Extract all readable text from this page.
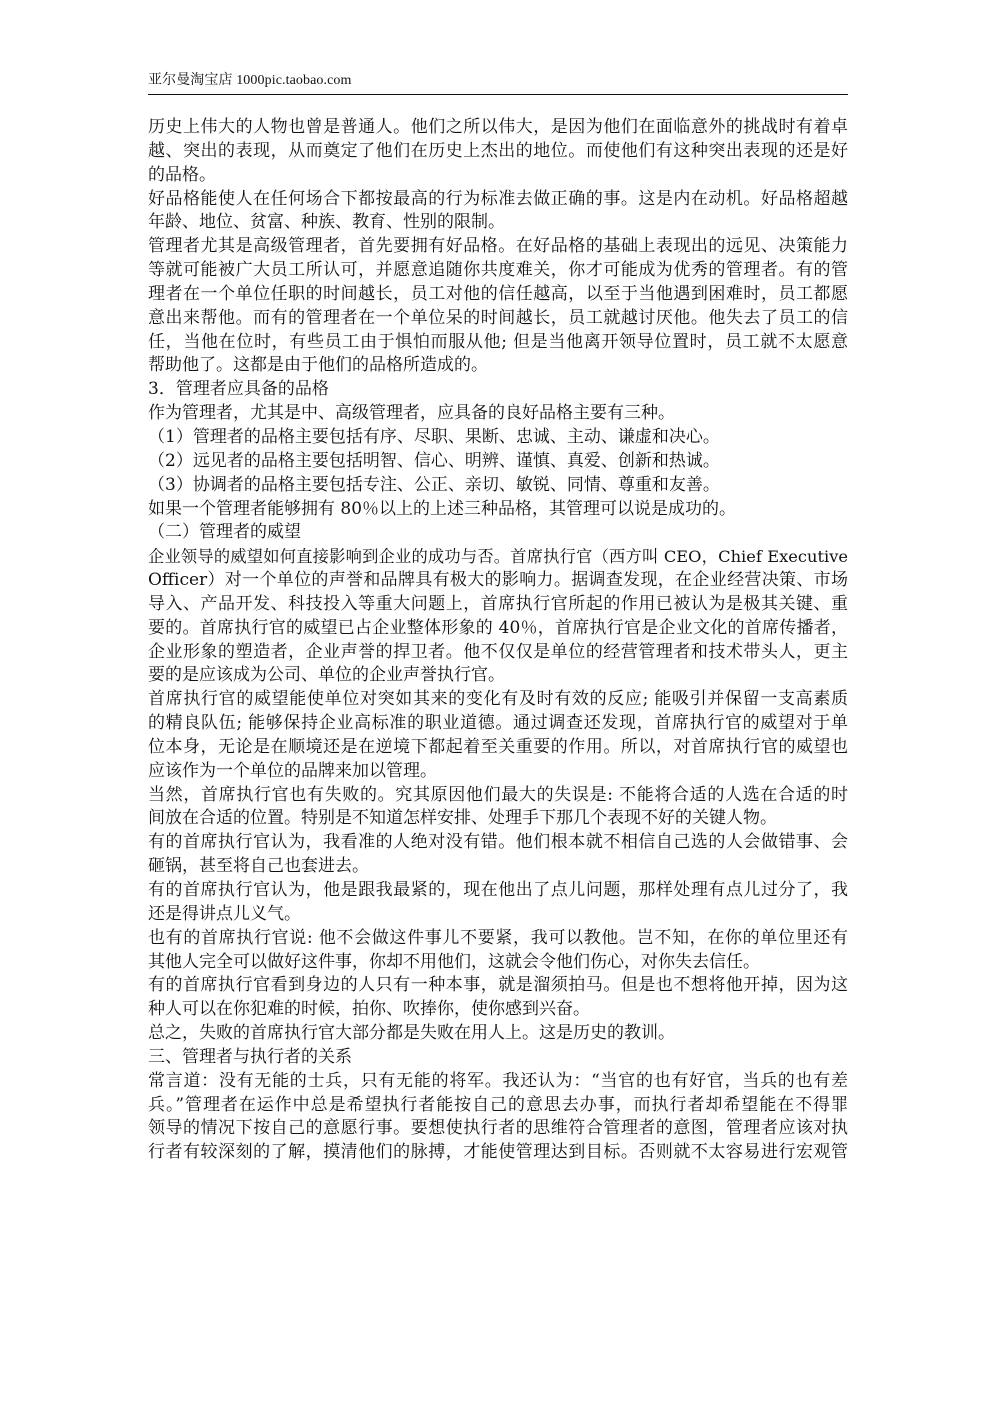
亚尔曼淘宝店 1000pic.taobao.com
历史上伟大的人物也曾是普通人。他们之所以伟大，是因为他们在面临意外的挑战时有着卓
越、突出的表现，从而奠定了他们在历史上杰出的地位。而使他们有这种突出表现的还是好
的品格。
好品格能使人在任何场合下都按最高的行为标准去做正确的事。这是内在动机。好品格超越
年龄、地位、贫富、种族、教育、性别的限制。
管理者尤其是高级管理者，首先要拥有好品格。在好品格的基础上表现出的远见、决策能力
等就可能被广大员工所认可，并愿意追随你共度难关，你才可能成为优秀的管理者。有的管
理者在一个单位任职的时间越长，员工对他的信任越高，以至于当他遇到困难时，员工都愿
意出来帮他。而有的管理者在一个单位呆的时间越长，员工就越讨厌他。他失去了员工的信
任，当他在位时，有些员工由于惧怕而服从他; 但是当他离开领导位置时，员工就不太愿意
帮助他了。这都是由于他们的品格所造成的。
3．管理者应具备的品格
作为管理者，尤其是中、高级管理者，应具备的良好品格主要有三种。
（1）管理者的品格主要包括有序、尽职、果断、忠诚、主动、谦虚和决心。
（2）远见者的品格主要包括明智、信心、明辨、谨慎、真爱、创新和热诚。
（3）协调者的品格主要包括专注、公正、亲切、敏锐、同情、尊重和友善。
如果一个管理者能够拥有 80％以上的上述三种品格，其管理可以说是成功的。
（二）管理者的威望
企业领导的威望如何直接影响到企业的成功与否。首席执行官（西方叫 CEO，Chief Executive
Officer）对一个单位的声誉和品牌具有极大的影响力。据调查发现，在企业经营决策、市场
导入、产品开发、科技投入等重大问题上，首席执行官所起的作用已被认为是极其关键、重
要的。首席执行官的威望已占企业整体形象的 40％，首席执行官是企业文化的首席传播者，
企业形象的塑造者，企业声誉的捍卫者。他不仅仅是单位的经营管理者和技术带头人，更主
要的是应该成为公司、单位的企业声誉执行官。
首席执行官的威望能使单位对突如其来的变化有及时有效的反应; 能吸引并保留一支高素质
的精良队伍; 能够保持企业高标准的职业道德。通过调查还发现，首席执行官的威望对于单
位本身，无论是在顺境还是在逆境下都起着至关重要的作用。所以，对首席执行官的威望也
应该作为一个单位的品牌来加以管理。
当然，首席执行官也有失败的。究其原因他们最大的失误是: 不能将合适的人选在合适的时
间放在合适的位置。特别是不知道怎样安排、处理手下那几个表现不好的关键人物。
有的首席执行官认为，我看准的人绝对没有错。他们根本就不相信自己选的人会做错事、会
砸锅，甚至将自己也套进去。
有的首席执行官认为，他是跟我最紧的，现在他出了点儿问题，那样处理有点儿过分了，我
还是得讲点儿义气。
也有的首席执行官说: 他不会做这件事儿不要紧，我可以教他。岂不知，在你的单位里还有
其他人完全可以做好这件事，你却不用他们，这就会令他们伤心，对你失去信任。
有的首席执行官看到身边的人只有一种本事，就是溜须拍马。但是也不想将他开掉，因为这
种人可以在你犯难的时候，拍你、吹捧你，使你感到兴奋。
总之，失败的首席执行官大部分都是失败在用人上。这是历史的教训。
三、管理者与执行者的关系
常言道：没有无能的士兵，只有无能的将军。我还认为：“当官的也有好官，当兵的也有差
兵。”管理者在运作中总是希望执行者能按自己的意思去办事，而执行者却希望能在不得罪
领导的情况下按自己的意愿行事。要想使执行者的思维符合管理者的意图，管理者应该对执
行者有较深刻的了解，摸清他们的脉搏，才能使管理达到目标。否则就不太容易进行宏观管
